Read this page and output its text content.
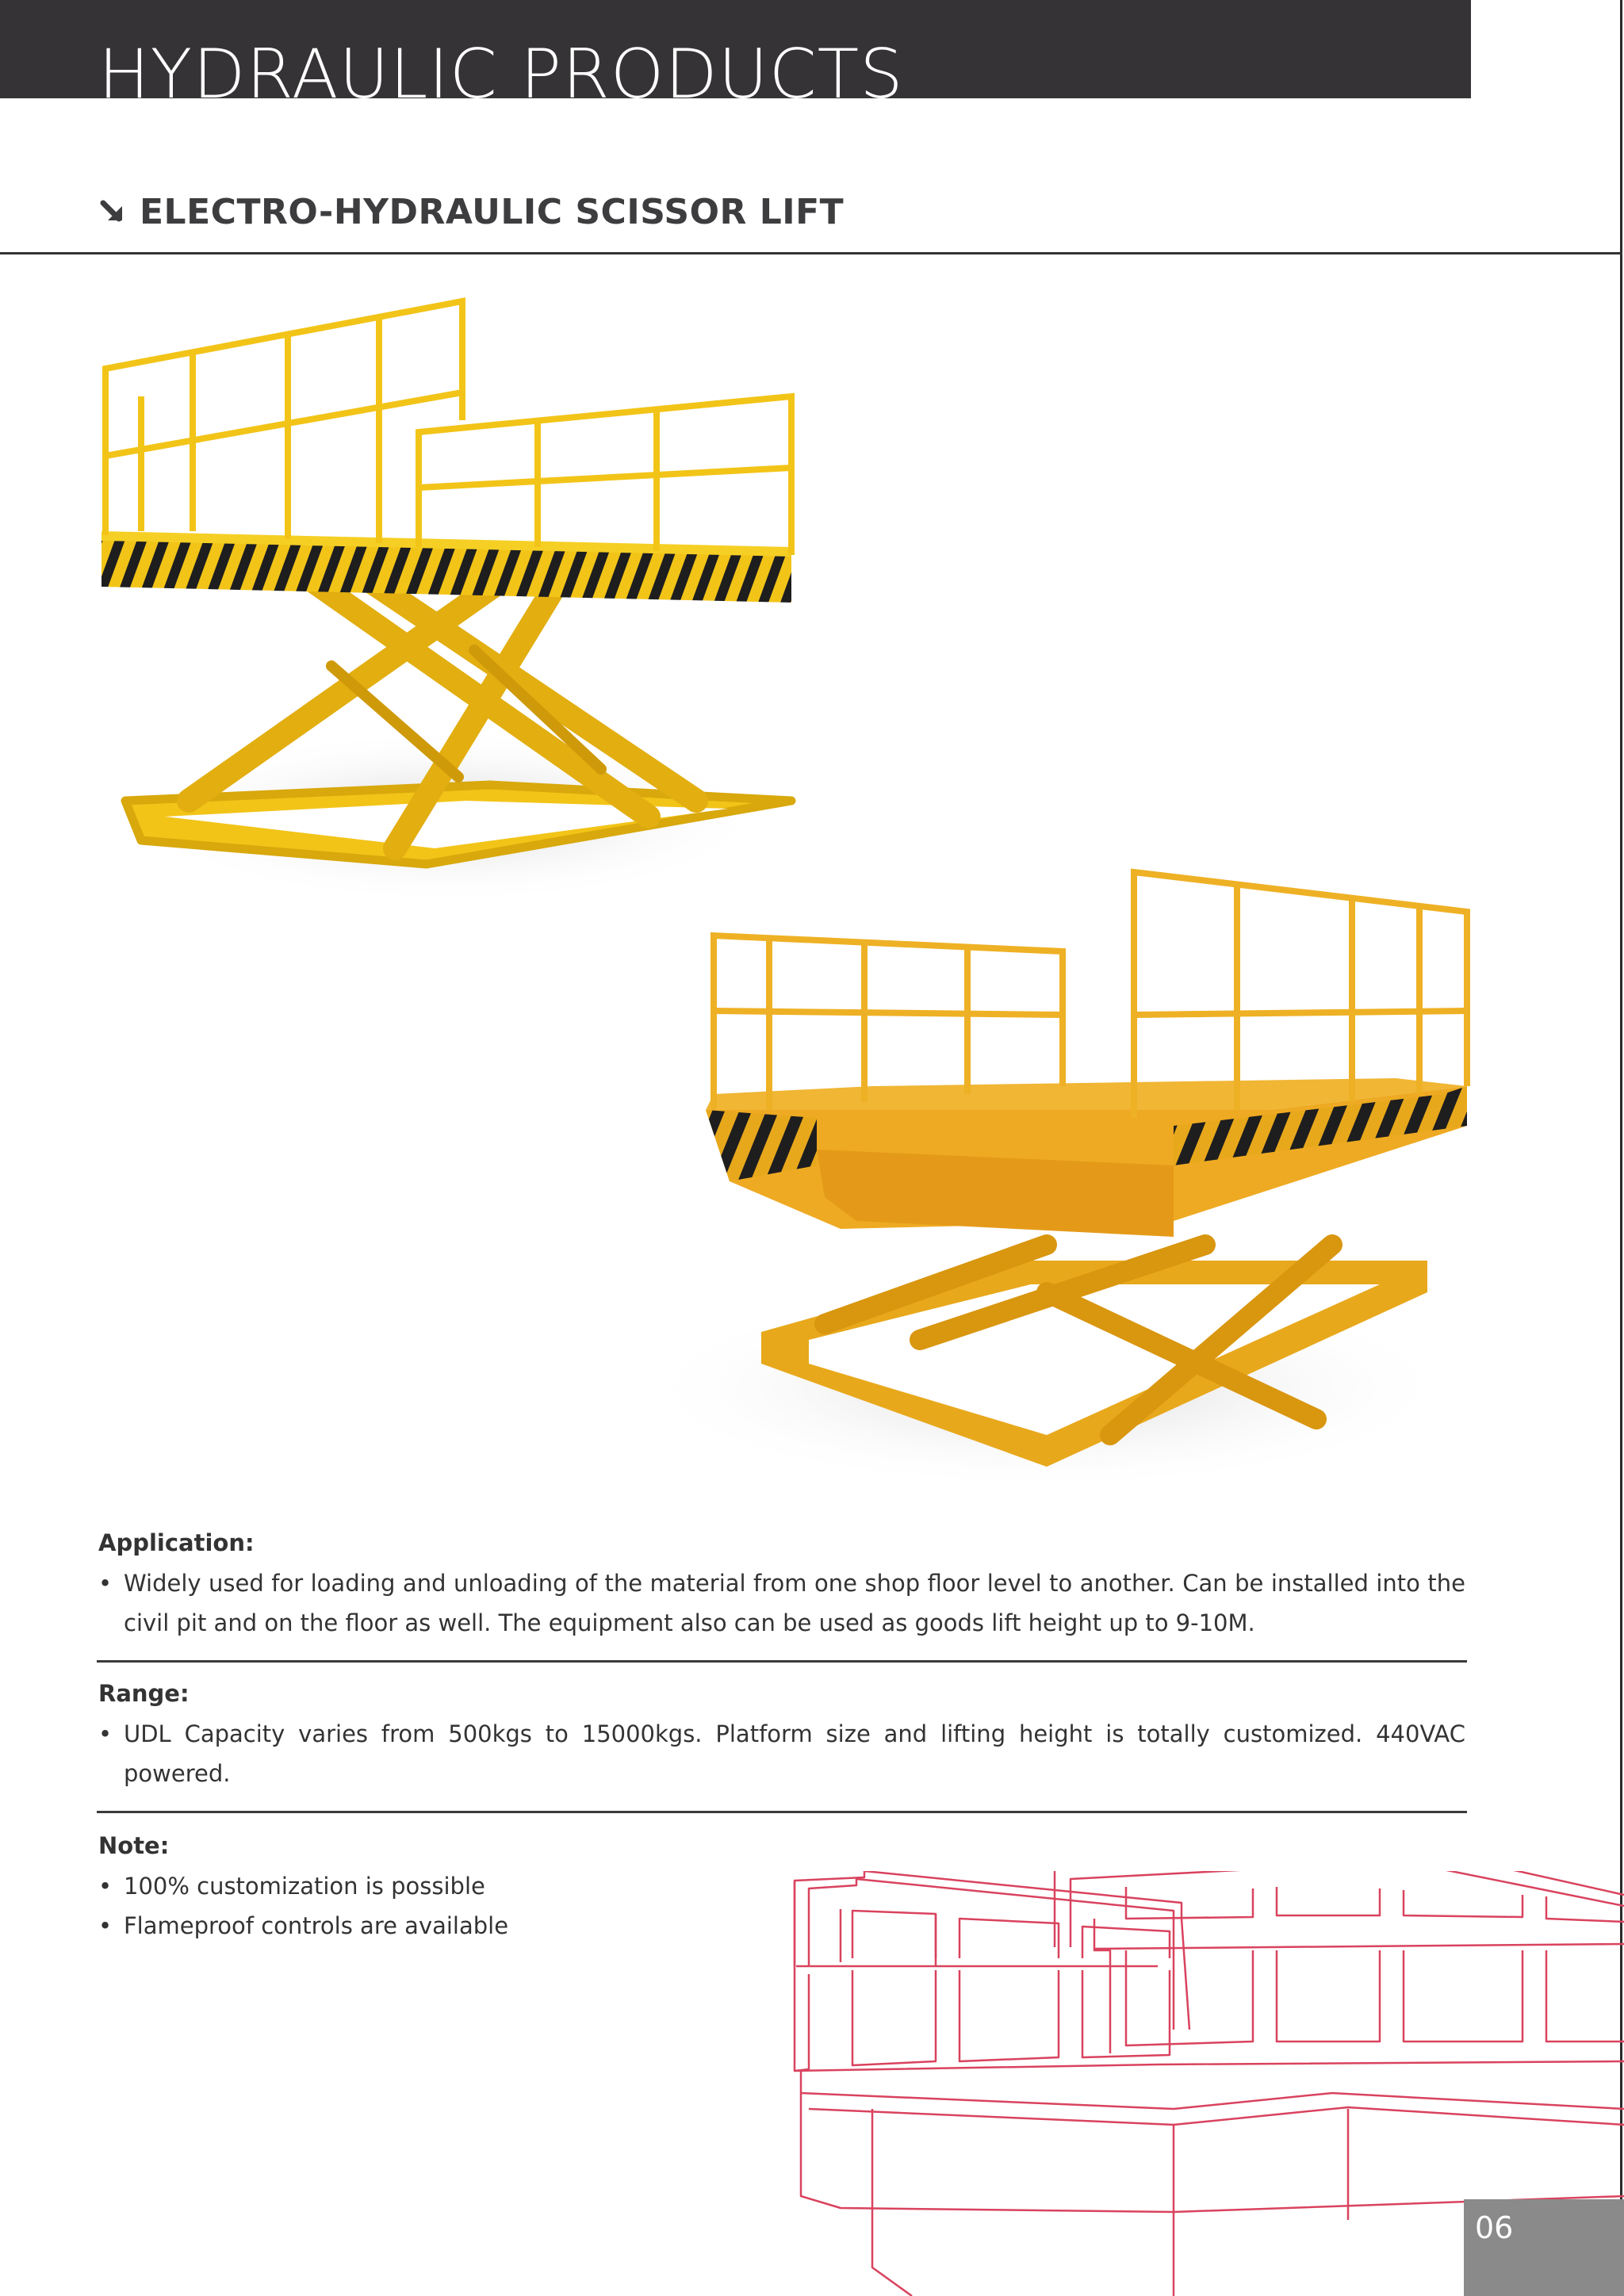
HYDRAULIC PRODUCTS
ELECTRO-HYDRAULIC SCISSOR LIFT
Application:
• Widely used for loading and unloading of the material from one shop floor level to another. Can be installed into the civil pit and on the floor as well. The equipment also can be used as goods lift height up to 9-10M.
Range:
• UDL Capacity varies from 500kgs to 15000kgs. Platform size and lifting height is totally customized. 440VAC powered.
Note:
• 100% customization is possible
• Flameproof controls are available
06
